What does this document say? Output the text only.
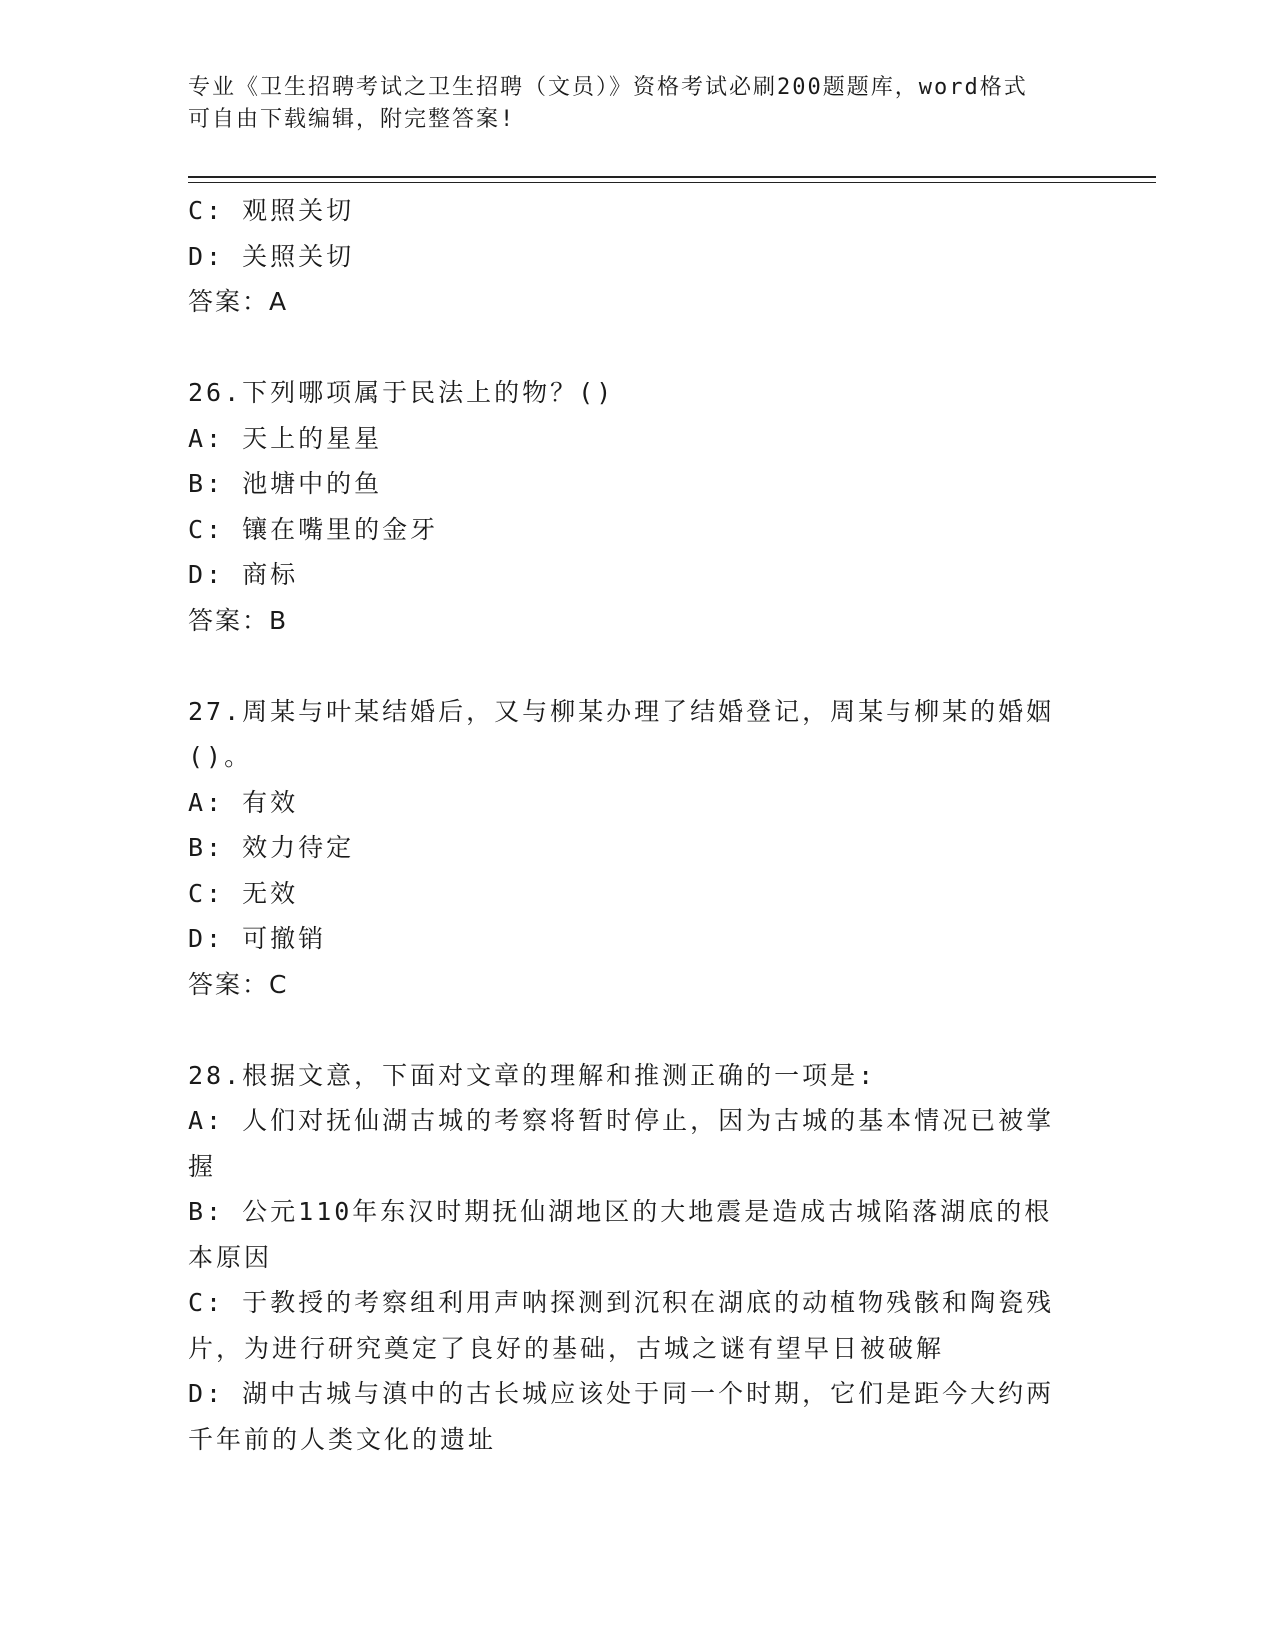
专业《卫生招聘考试之卫生招聘（文员）》资格考试必刷200题题库，word格式
可自由下载编辑，附完整答案!
C: 观照关切
D: 关照关切
答案：A
26.下列哪项属于民法上的物？()
A: 天上的星星
B: 池塘中的鱼
C: 镶在嘴里的金牙
D: 商标
答案：B
27.周某与叶某结婚后，又与柳某办理了结婚登记，周某与柳某的婚姻
()。
A: 有效
B: 效力待定
C: 无效
D: 可撤销
答案：C
28.根据文意，下面对文章的理解和推测正确的一项是:
A: 人们对抚仙湖古城的考察将暂时停止，因为古城的基本情况已被掌
握
B: 公元110年东汉时期抚仙湖地区的大地震是造成古城陷落湖底的根
本原因
C: 于教授的考察组利用声呐探测到沉积在湖底的动植物残骸和陶瓷残
片，为进行研究奠定了良好的基础，古城之谜有望早日被破解
D: 湖中古城与滇中的古长城应该处于同一个时期，它们是距今大约两
千年前的人类文化的遗址
